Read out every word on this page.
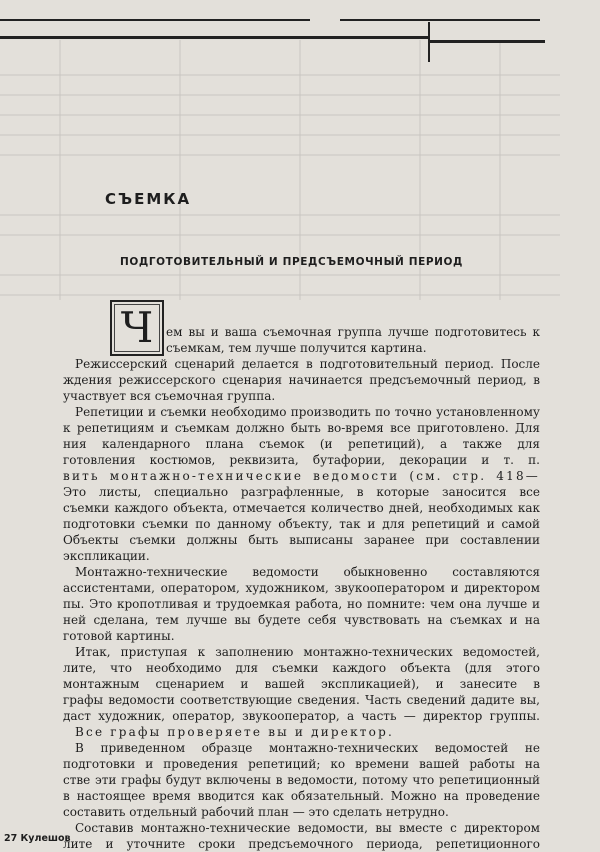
СЪЕМКА
ПОДГОТОВИТЕЛЬНЫЙ И ПРЕДСЪЕМОЧНЫЙ ПЕРИОД
Ч	ем вы и ваша съемочная группа лучше подготовитесь к
съемкам, тем лучше получится картина.
Режиссерский сценарий делается в подготовительный период. После
ждения режиссерского сценария начинается предсъемочный период, в
участвует вся съемочная группа.
Репетиции и съемки необходимо производить по точно установленному
к репетициям и съемкам должно быть во-время все приготовлено. Для
ния календарного плана съемок (и репетиций), а также для
готовления костюмов, реквизита, бутафории, декорации и т. п.
вить монтажно-технические ведомости (см. стр. 418—
Это листы, специально разграфленные, в которые заносится все
съемки каждого объекта, отмечается количество дней, необходимых как
подготовки съемки по данному объекту, так и для репетиций и самой
Объекты съемки должны быть выписаны заранее при составлении
экспликации.
Монтажно-технические ведомости обыкновенно составляются
ассистентами, оператором, художником, звукооператором и директором
пы. Это кропотливая и трудоемкая работа, но помните: чем она лучше и
ней сделана, тем лучше вы будете себя чувствовать на съемках и на
готовой картины.
Итак, приступая к заполнению монтажно-технических ведомостей,
лите, что необходимо для съемки каждого объекта (для этого
монтажным сценарием и вашей экспликацией), и занесите в
графы ведомости соответствующие сведения. Часть сведений дадите вы,
даст художник, оператор, звукооператор, а часть — директор группы.
Все графы проверяете вы и директор.
В приведенном образце монтажно-технических ведомостей не
подготовки и проведения репетиций; ко времени вашей работы на
стве эти графы будут включены в ведомости, потому что репетиционный
в настоящее время вводится как обязательный. Можно на проведение
составить отдельный рабочий план — это сделать нетрудно.
Составив монтажно-технические ведомости, вы вместе с директором
лите и уточните сроки предсъемочного периода, репетиционного
27 Кулешов
